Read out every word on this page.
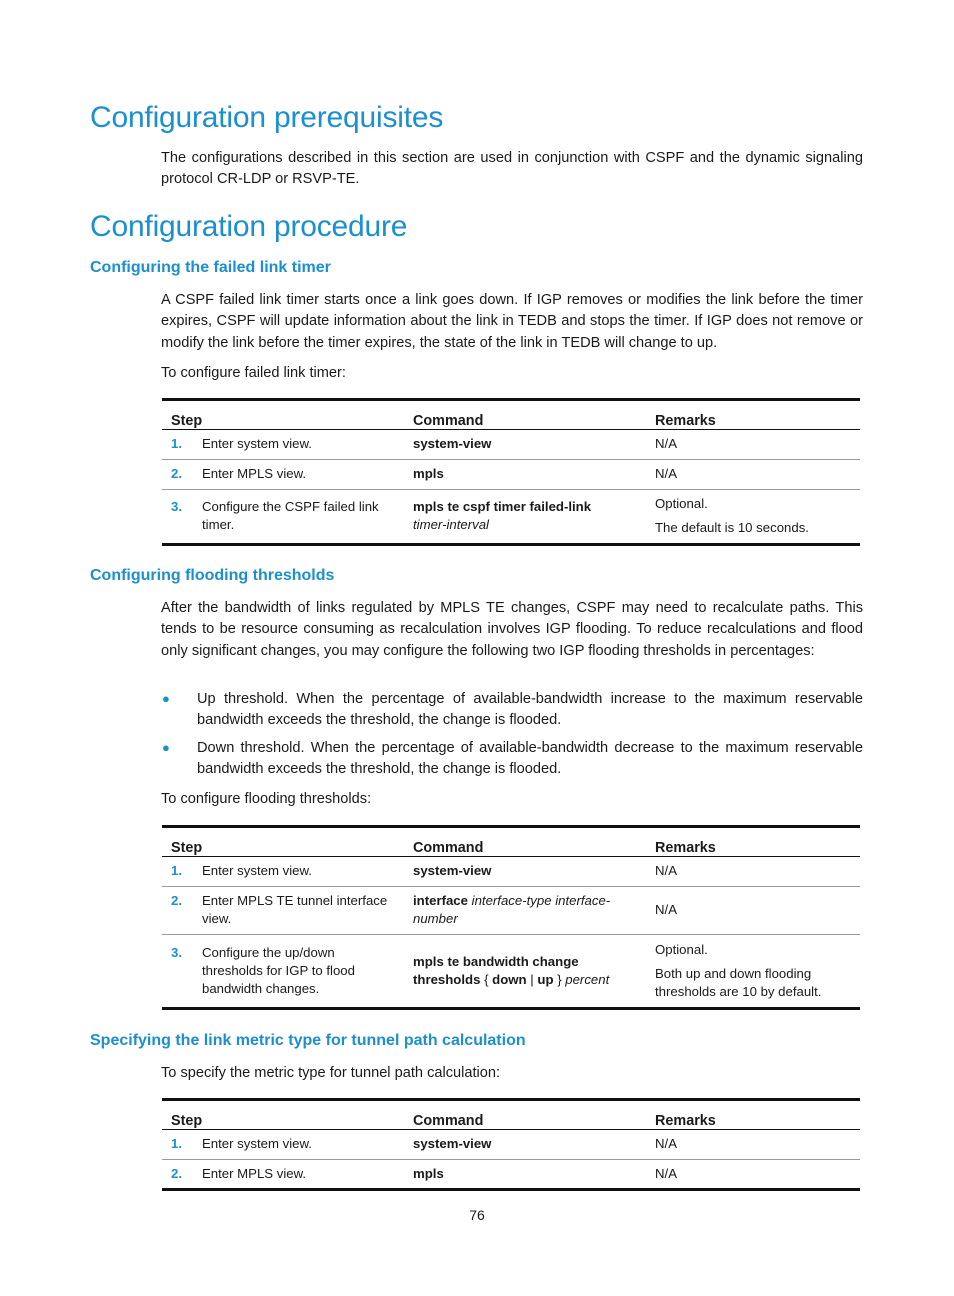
Configuration prerequisites

The configurations described in this section are used in conjunction with CSPF and the dynamic signaling protocol CR-LDP or RSVP-TE.

Configuration procedure
Configuring the failed link timer

A CSPF failed link timer starts once a link goes down. If IGP removes or modifies the link before the timer expires, CSPF will update information about the link in TEDB and stops the timer. If IGP does not remove or modify the link before the timer expires, the state of the link in TEDB will change to up.

To configure failed link timer:

Step	Command	Remarks
1. Enter system view.	system-view	N/A

2. Enter MPLS view.	mpls	N/A

3. Configure the CSPF failed link timer.	mpls te cspf timer failed-link
timer-interval	Optional.
The default is 10 seconds.
Configuring flooding thresholds

After the bandwidth of links regulated by MPLS TE changes, CSPF may need to recalculate paths. This tends to be resource consuming as recalculation involves IGP flooding. To reduce recalculations and flood only significant changes, you may configure the following two IGP flooding thresholds in percentages:

● Up threshold. When the percentage of available-bandwidth increase to the maximum reservable bandwidth exceeds the threshold, the change is flooded.

● Down threshold. When the percentage of available-bandwidth decrease to the maximum reservable bandwidth exceeds the threshold, the change is flooded.

To configure flooding thresholds:

Step	Command	Remarks
1. Enter system view.	system-view	N/A

2. Enter MPLS TE tunnel interface view.	interface interface-type interface-number	N/A

3. Configure the up/down thresholds for IGP to flood bandwidth changes.	mpls te bandwidth change thresholds { down | up } percent	Optional.
Both up and down flooding thresholds are 10 by default.
Specifying the link metric type for tunnel path calculation

To specify the metric type for tunnel path calculation:

Step	Command	Remarks
1. Enter system view.	system-view	N/A

2. Enter MPLS view.	mpls	N/A
76
